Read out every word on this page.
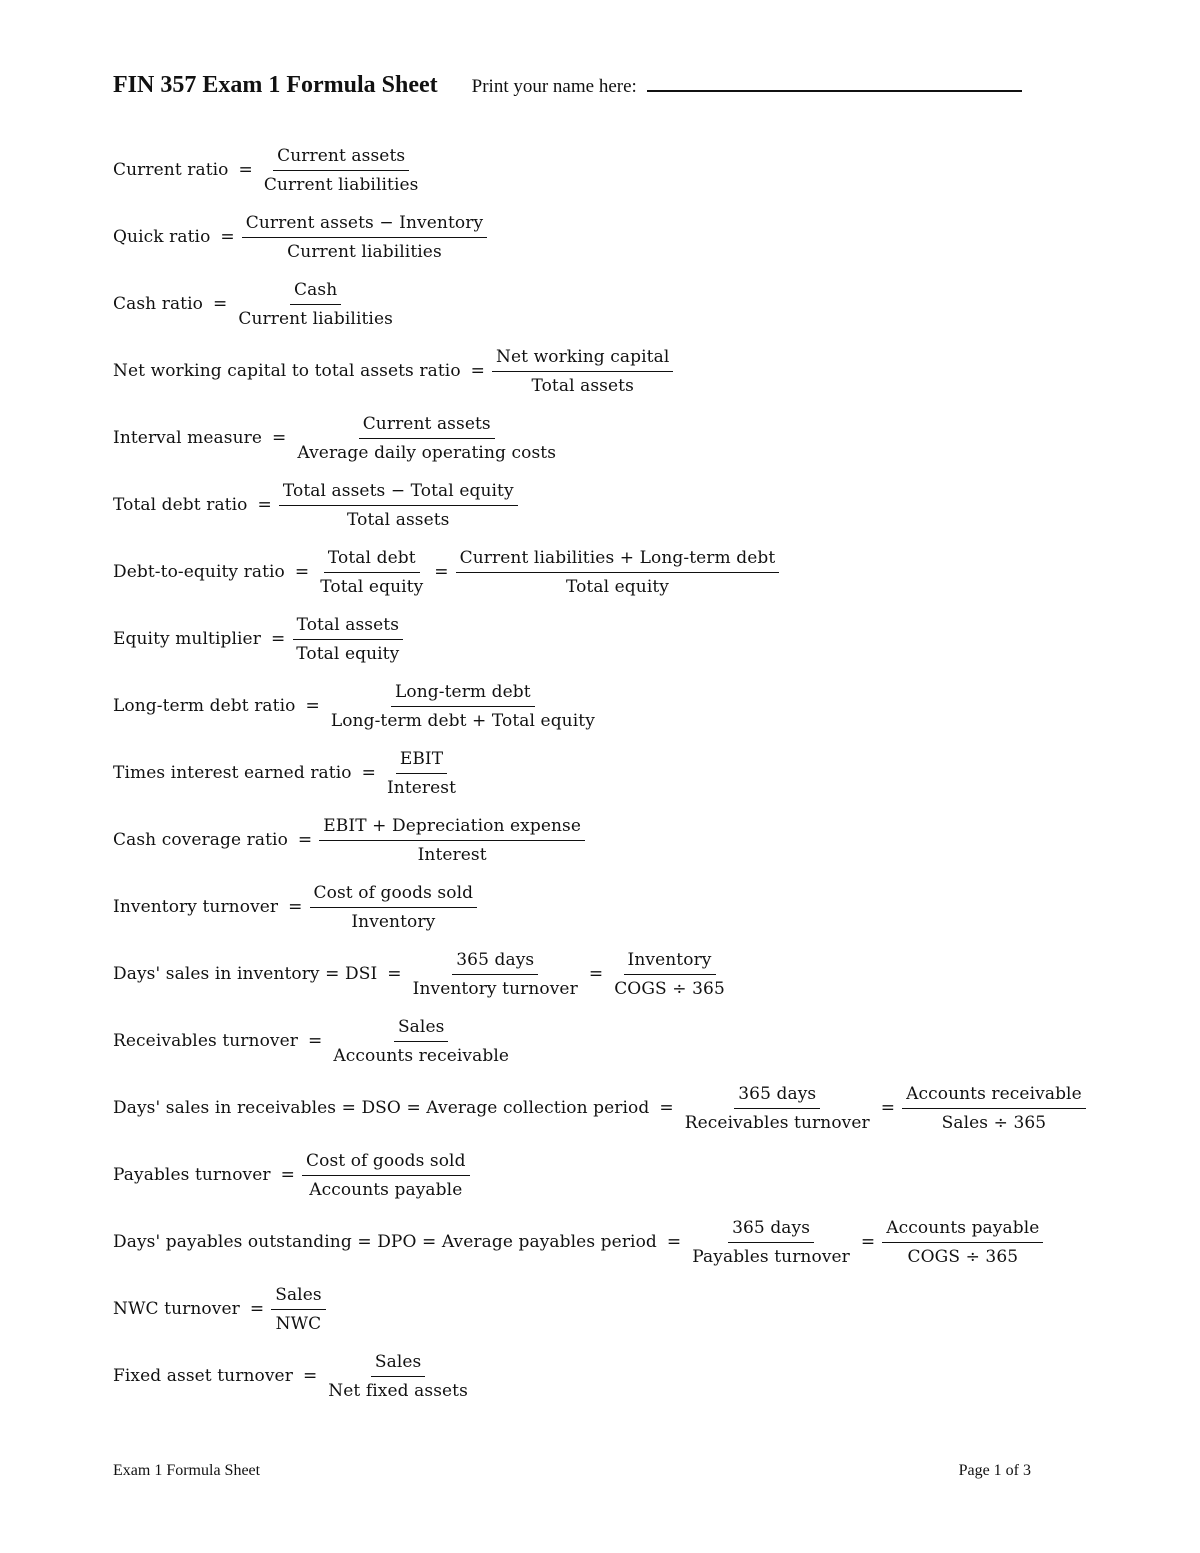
FIN 357 Exam 1 Formula Sheet Print your name here:
Current ratio = $\frac{\text{Current assets}}{\text{Current liabilities}}$
Quick ratio = $\frac{\text{Current assets − Inventory}}{\text{Current liabilities}}$
Cash ratio = $\frac{\text{Cash}}{\text{Current liabilities}}$
Net working capital to total assets ratio = $\frac{\text{Net working capital}}{\text{Total assets}}$
Interval measure = $\frac{\text{Current assets}}{\text{Average daily operating costs}}$
Total debt ratio = $\frac{\text{Total assets − Total equity}}{\text{Total assets}}$
Debt-to-equity ratio = $\frac{\text{Total debt}}{\text{Total equity}} = \frac{\text{Current liabilities + Long-term debt}}{\text{Total equity}}$
Equity multiplier = $\frac{\text{Total assets}}{\text{Total equity}}$
Long-term debt ratio = $\frac{\text{Long-term debt}}{\text{Long-term debt + Total equity}}$
Times interest earned ratio = $\frac{\text{EBIT}}{\text{Interest}}$
Cash coverage ratio = $\frac{\text{EBIT + Depreciation expense}}{\text{Interest}}$
Inventory turnover = $\frac{\text{Cost of goods sold}}{\text{Inventory}}$
Days' sales in inventory = DSI = $\frac{\text{365 days}}{\text{Inventory turnover}} = \frac{\text{Inventory}}{\text{COGS ÷ 365}}$
Receivables turnover = $\frac{\text{Sales}}{\text{Accounts receivable}}$
Days' sales in receivables = DSO = Average collection period = $\frac{\text{365 days}}{\text{Receivables turnover}} = \frac{\text{Accounts receivable}}{\text{Sales ÷ 365}}$
Payables turnover = $\frac{\text{Cost of goods sold}}{\text{Accounts payable}}$
Days' payables outstanding = DPO = Average payables period = $\frac{\text{365 days}}{\text{Payables turnover}} = \frac{\text{Accounts payable}}{\text{COGS ÷ 365}}$
NWC turnover = $\frac{\text{Sales}}{\text{NWC}}$
Fixed asset turnover = $\frac{\text{Sales}}{\text{Net fixed assets}}$
Exam 1 Formula Sheet	Page 1 of 3
